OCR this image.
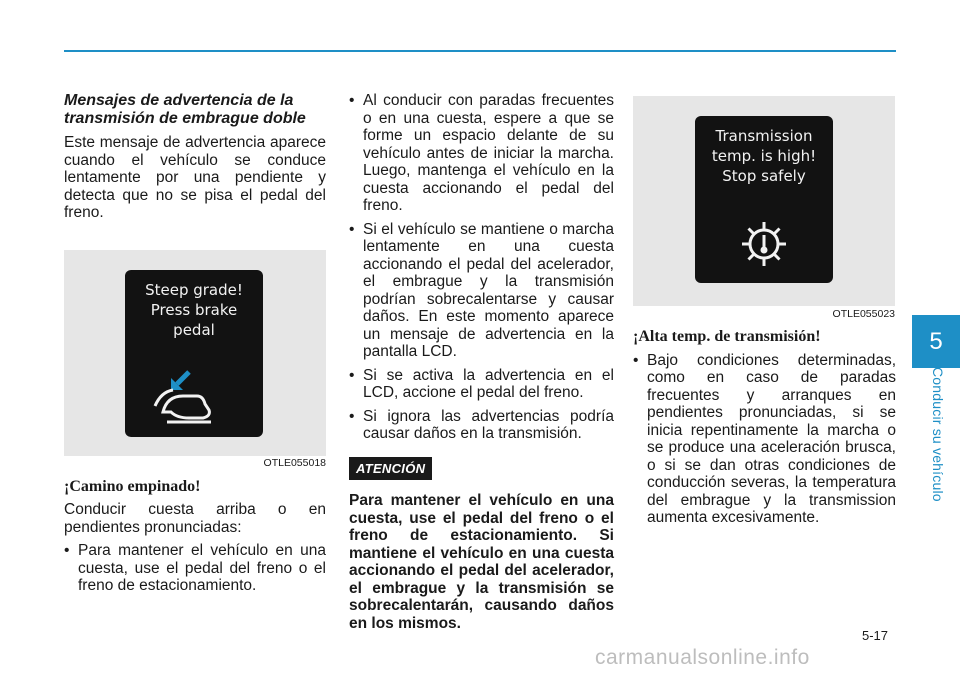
Mensajes de advertencia de la transmisión de embrague doble

Este mensaje de advertencia aparece cuando el vehículo se conduce lentamente por una pendiente y detecta que no se pisa el pedal del freno.

Steep grade!
Press brake
pedal
OTLE055018
¡Camino empinado!

Conducir cuesta arriba o en pendientes pronunciadas:

• Para mantener el vehículo en una cuesta, use el pedal del freno o el freno de estacionamiento.
• Al conducir con paradas frecuentes o en una cuesta, espere a que se forme un espacio delante de su vehículo antes de iniciar la marcha. Luego, mantenga el vehículo en la cuesta accionando el pedal del freno.
• Si el vehículo se mantiene o marcha lentamente en una cuesta accionando el pedal del acelerador, el embrague y la transmisión podrían sobrecalentarse y causar daños. En este momento aparece un mensaje de advertencia en la pantalla LCD.
• Si se activa la advertencia en el LCD, accione el pedal del freno.
• Si ignora las advertencias podría causar daños en la transmisión.
ATENCIÓN

Para mantener el vehículo en una cuesta, use el pedal del freno o el freno de estacionamiento. Si mantiene el vehículo en una cuesta accionando el pedal del acelerador, el embrague y la transmisión se sobrecalentarán, causando daños en los mismos.

Transmission
temp. is high!
Stop safely
OTLE055023
¡Alta temp. de transmisión!
• Bajo condiciones determinadas, como en caso de paradas frecuentes y arranques en pendientes pronunciadas, si se inicia repentinamente la marcha o se produce una aceleración brusca, o si se dan otras condiciones de conducción severas, la temperatura del embrague y la transmission aumenta excesivamente.
5
Conducir su vehículo
5-17
carmanualsonline.info
